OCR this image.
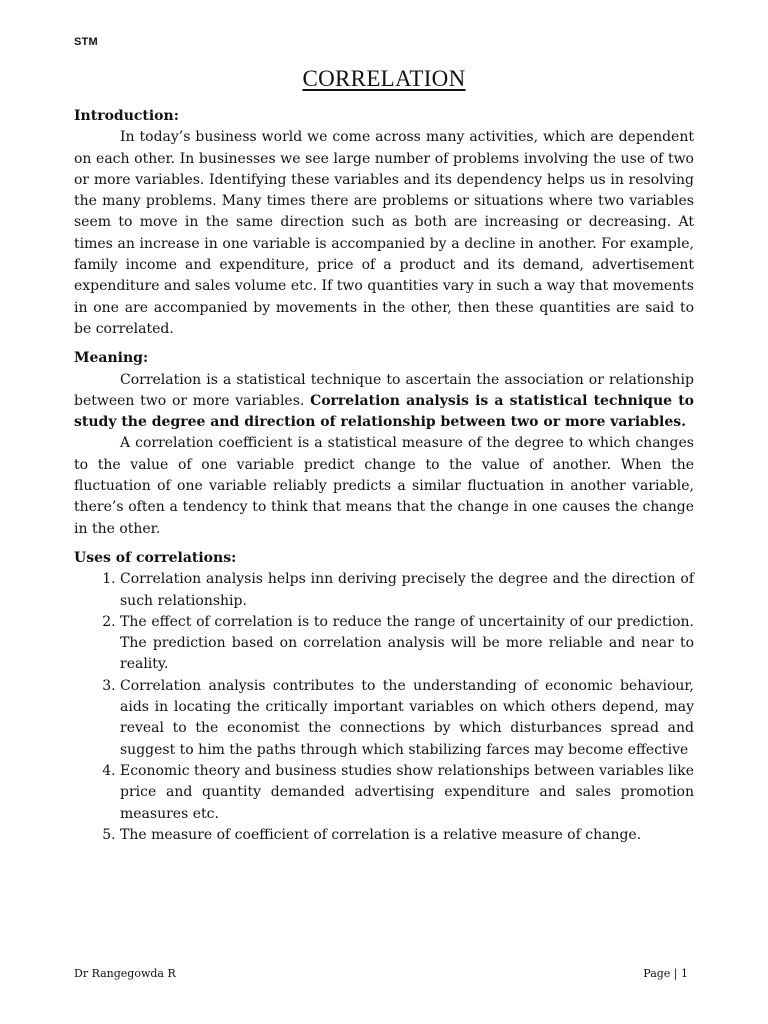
STM
CORRELATION

Introduction:

In today’s business world we come across many activities, which are dependent on each other. In businesses we see large number of problems involving the use of two or more variables. Identifying these variables and its dependency helps us in resolving the many problems. Many times there are problems or situations where two variables seem to move in the same direction such as both are increasing or decreasing. At times an increase in one variable is accompanied by a decline in another. For example, family income and expenditure, price of a product and its demand, advertisement expenditure and sales volume etc. If two quantities vary in such a way that movements in one are accompanied by movements in the other, then these quantities are said to be correlated.

Meaning:

Correlation is a statistical technique to ascertain the association or relationship between two or more variables. Correlation analysis is a statistical technique to study the degree and direction of relationship between two or more variables.

A correlation coefficient is a statistical measure of the degree to which changes to the value of one variable predict change to the value of another. When the fluctuation of one variable reliably predicts a similar fluctuation in another variable, there’s often a tendency to think that means that the change in one causes the change in the other.

Uses of correlations:

1. Correlation analysis helps inn deriving precisely the degree and the direction of such relationship.
2. The effect of correlation is to reduce the range of uncertainity of our prediction. The prediction based on correlation analysis will be more reliable and near to reality.
3. Correlation analysis contributes to the understanding of economic behaviour, aids in locating the critically important variables on which others depend, may reveal to the economist the connections by which disturbances spread and suggest to him the paths through which stabilizing farces may become effective
4. Economic theory and business studies show relationships between variables like price and quantity demanded advertising expenditure and sales promotion measures etc.
5. The measure of coefficient of correlation is a relative measure of change.
Dr Rangegowda R	Page | 1
